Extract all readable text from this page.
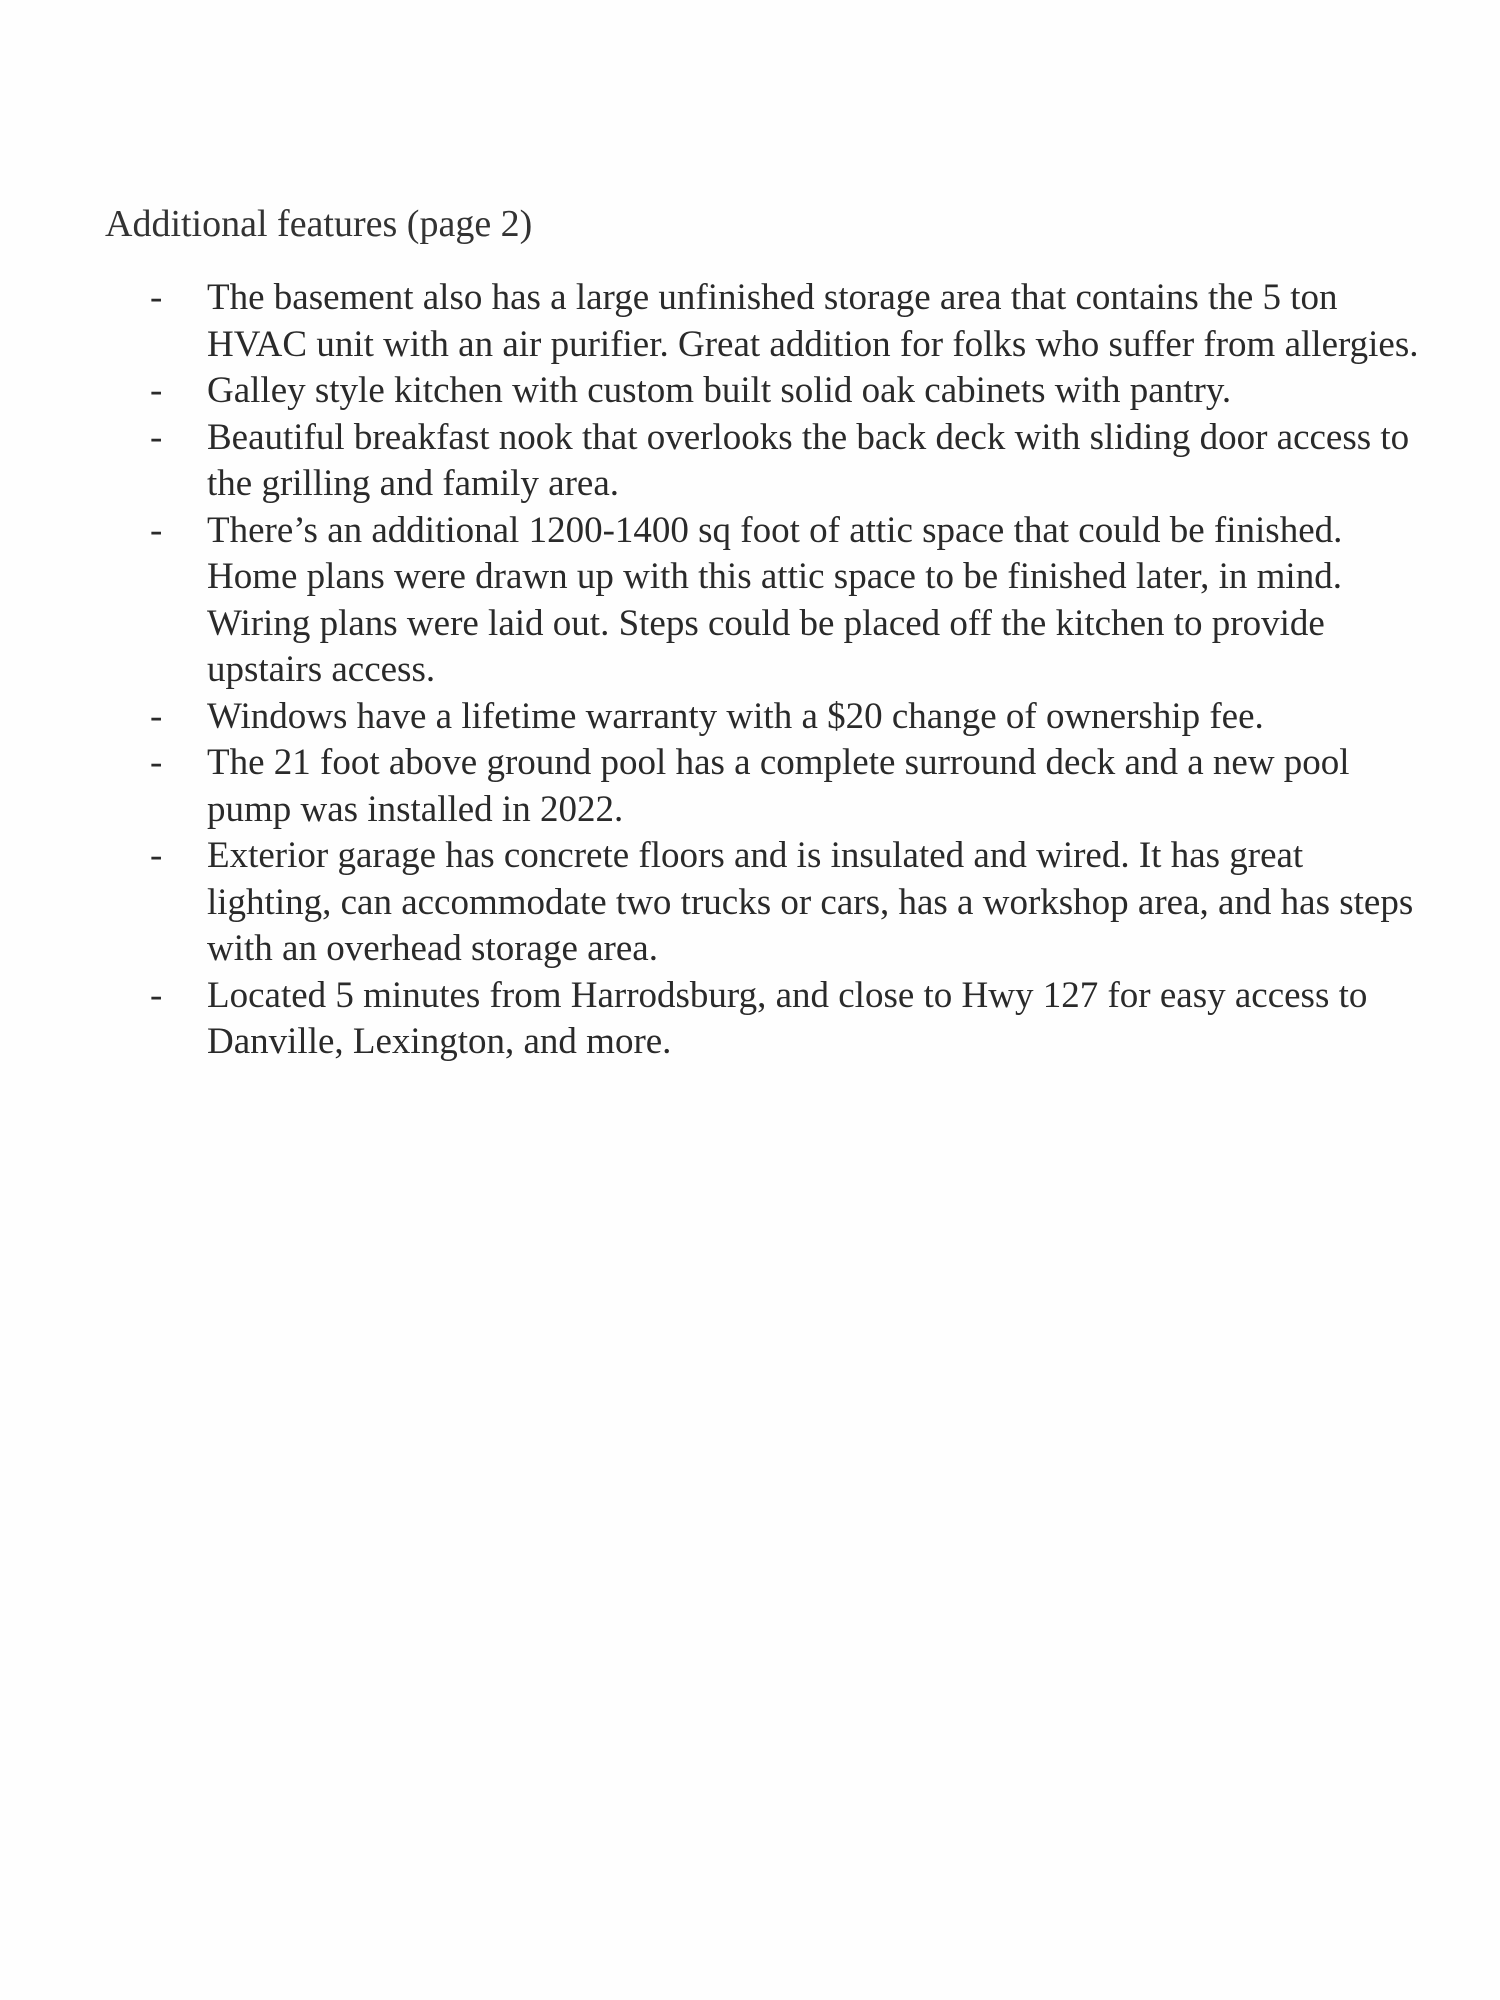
Additional features (page 2)
- The basement also has a large unfinished storage area that contains the 5 ton HVAC unit with an air purifier. Great addition for folks who suffer from allergies.
- Galley style kitchen with custom built solid oak cabinets with pantry.
- Beautiful breakfast nook that overlooks the back deck with sliding door access to the grilling and family area.
- There’s an additional 1200-1400 sq foot of attic space that could be finished. Home plans were drawn up with this attic space to be finished later, in mind. Wiring plans were laid out. Steps could be placed off the kitchen to provide upstairs access.
- Windows have a lifetime warranty with a $20 change of ownership fee.
- The 21 foot above ground pool has a complete surround deck and a new pool pump was installed in 2022.
- Exterior garage has concrete floors and is insulated and wired. It has great lighting, can accommodate two trucks or cars, has a workshop area, and has steps with an overhead storage area.
- Located 5 minutes from Harrodsburg, and close to Hwy 127 for easy access to Danville, Lexington, and more.
